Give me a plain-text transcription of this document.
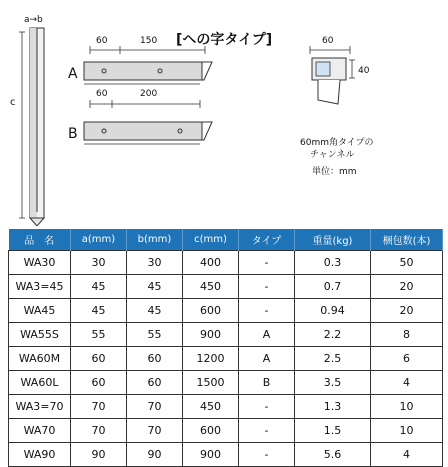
a→b
c
[ヘの字タイプ]
60	150
A
60	200
B
60
40
60mm角タイプの
チャンネル
単位：mm
品　名	a(mm)	b(mm)	c(mm)	タイプ	重量(kg)	梱包数(本)
WA30	30	30	400	-	0.3	50
WA3=45	45	45	450	-	0.7	20
WA45	45	45	600	-	0.94	20
WA55S	55	55	900	A	2.2	8
WA60M	60	60	1200	A	2.5	6
WA60L	60	60	1500	B	3.5	4
WA3=70	70	70	450	-	1.3	10
WA70	70	70	600	-	1.5	10
WA90	90	90	900	-	5.6	4
